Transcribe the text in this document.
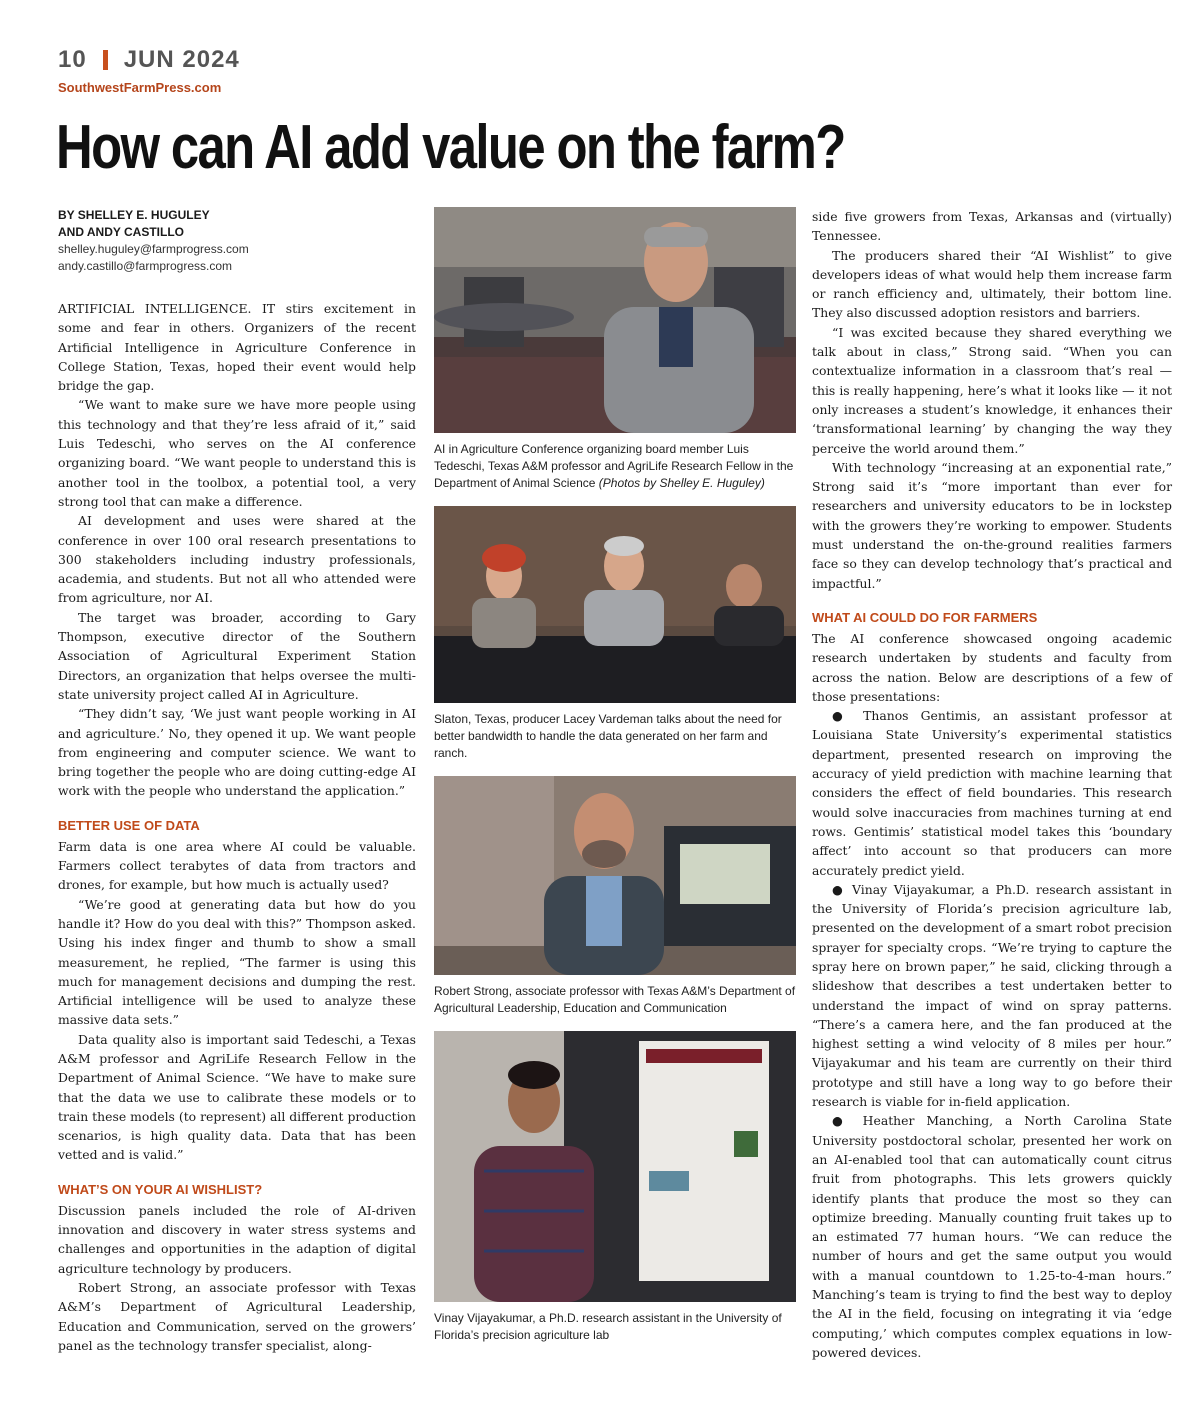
10 JUN 2024
SouthwestFarmPress.com
How can AI add value on the farm?
BY SHELLEY E. HUGULEY
AND ANDY CASTILLO
shelley.huguley@farmprogress.com
andy.castillo@farmprogress.com

ARTIFICIAL INTELLIGENCE. IT stirs excitement in some and fear in others. Organizers of the recent Artificial Intelligence in Agriculture Conference in College Station, Texas, hoped their event would help bridge the gap.

“We want to make sure we have more people using this technology and that they’re less afraid of it,” said Luis Tedeschi, who serves on the AI conference organizing board. “We want people to understand this is another tool in the toolbox, a potential tool, a very strong tool that can make a difference.

AI development and uses were shared at the conference in over 100 oral research presentations to 300 stakeholders including industry professionals, academia, and students. But not all who attended were from agriculture, nor AI.

The target was broader, according to Gary Thompson, executive director of the Southern Association of Agricultural Experiment Station Directors, an organization that helps oversee the multi-state university project called AI in Agriculture.

“They didn’t say, ‘We just want people working in AI and agriculture.’ No, they opened it up. We want people from engineering and computer science. We want to bring together the people who are doing cutting-edge AI work with the people who understand the application.”

BETTER USE OF DATA

Farm data is one area where AI could be valuable. Farmers collect terabytes of data from tractors and drones, for example, but how much is actually used?

“We’re good at generating data but how do you handle it? How do you deal with this?” Thompson asked. Using his index finger and thumb to show a small measurement, he replied, “The farmer is using this much for management decisions and dumping the rest. Artificial intelligence will be used to analyze these massive data sets.”

Data quality also is important said Tedeschi, a Texas A&M professor and AgriLife Research Fellow in the Department of Animal Science. “We have to make sure that the data we use to calibrate these models or to train these models (to represent) all different production scenarios, is high quality data. Data that has been vetted and is valid.”

WHAT’S ON YOUR AI WISHLIST?

Discussion panels included the role of AI-driven innovation and discovery in water stress systems and challenges and opportunities in the adaption of digital agriculture technology by producers.

Robert Strong, an associate professor with Texas A&M’s Department of Agricultural Leadership, Education and Communication, served on the growers’ panel as the technology transfer specialist, along-

AI in Agriculture Conference organizing board member Luis Tedeschi, Texas A&M professor and AgriLife Research Fellow in the Department of Animal Science (Photos by Shelley E. Huguley)
Slaton, Texas, producer Lacey Vardeman talks about the need for better bandwidth to handle the data generated on her farm and ranch.
Robert Strong, associate professor with Texas A&M’s Department of Agricultural Leadership, Education and Communication
Vinay Vijayakumar, a Ph.D. research assistant in the University of Florida’s precision agriculture lab

side five growers from Texas, Arkansas and (virtually) Tennessee.

The producers shared their “AI Wishlist” to give developers ideas of what would help them increase farm or ranch efficiency and, ultimately, their bottom line. They also discussed adoption resistors and barriers.

“I was excited because they shared everything we talk about in class,” Strong said. “When you can contextualize information in a classroom that’s real — this is really happening, here’s what it looks like — it not only increases a student’s knowledge, it enhances their ‘transformational learning’ by changing the way they perceive the world around them.”

With technology “increasing at an exponential rate,” Strong said it’s “more important than ever for researchers and university educators to be in lockstep with the growers they’re working to empower. Students must understand the on-the-ground realities farmers face so they can develop technology that’s practical and impactful.”

WHAT AI COULD DO FOR FARMERS

The AI conference showcased ongoing academic research undertaken by students and faculty from across the nation. Below are descriptions of a few of those presentations:

● Thanos Gentimis, an assistant professor at Louisiana State University’s experimental statistics department, presented research on improving the accuracy of yield prediction with machine learning that considers the effect of field boundaries. This research would solve inaccuracies from machines turning at end rows. Gentimis’ statistical model takes this ‘boundary affect’ into account so that producers can more accurately predict yield.

● Vinay Vijayakumar, a Ph.D. research assistant in the University of Florida’s precision agriculture lab, presented on the development of a smart robot precision sprayer for specialty crops. “We’re trying to capture the spray here on brown paper,” he said, clicking through a slideshow that describes a test undertaken better to understand the impact of wind on spray patterns. “There’s a camera here, and the fan produced at the highest setting a wind velocity of 8 miles per hour.” Vijayakumar and his team are currently on their third prototype and still have a long way to go before their research is viable for in-field application.

● Heather Manching, a North Carolina State University postdoctoral scholar, presented her work on an AI-enabled tool that can automatically count citrus fruit from photographs. This lets growers quickly identify plants that produce the most so they can optimize breeding. Manually counting fruit takes up to an estimated 77 human hours. “We can reduce the number of hours and get the same output you would with a manual countdown to 1.25-to-4-man hours.” Manching’s team is trying to find the best way to deploy the AI in the field, focusing on integrating it via ‘edge computing,’ which computes complex equations in low-powered devices.
